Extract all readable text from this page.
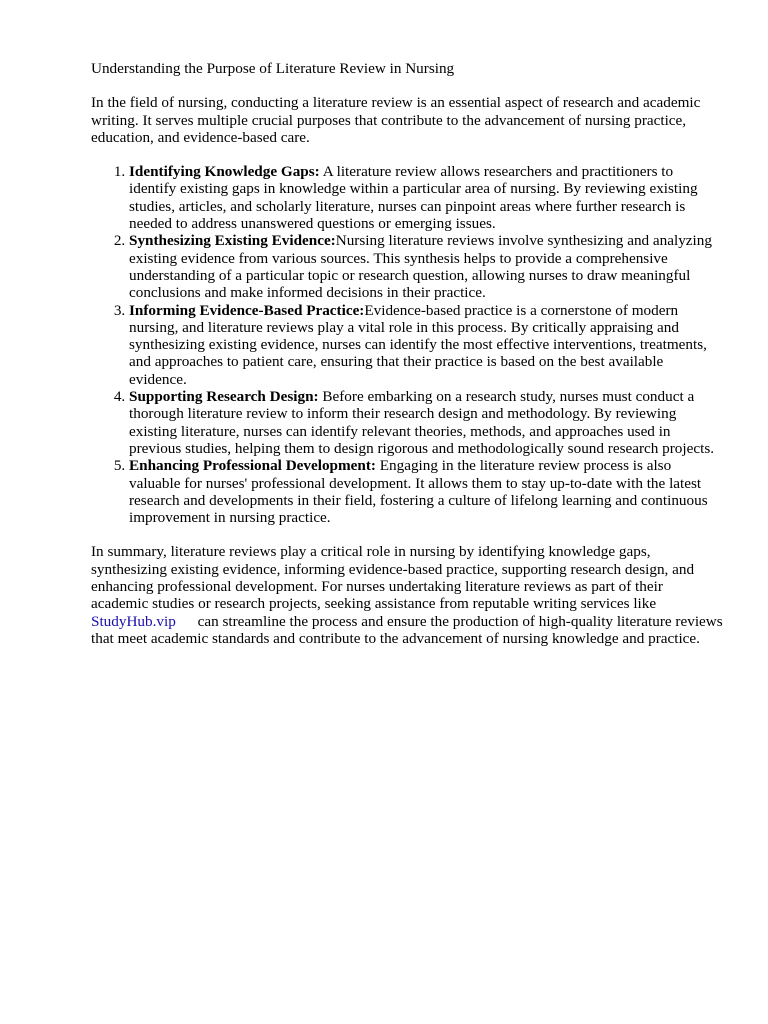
Understanding the Purpose of Literature Review in Nursing

In the field of nursing, conducting a literature review is an essential aspect of research and academic writing. It serves multiple crucial purposes that contribute to the advancement of nursing practice, education, and evidence-based care.

1. Identifying Knowledge Gaps: A literature review allows researchers and practitioners to identify existing gaps in knowledge within a particular area of nursing. By reviewing existing studies, articles, and scholarly literature, nurses can pinpoint areas where further research is needed to address unanswered questions or emerging issues.
2. Synthesizing Existing Evidence:Nursing literature reviews involve synthesizing and analyzing existing evidence from various sources. This synthesis helps to provide a comprehensive understanding of a particular topic or research question, allowing nurses to draw meaningful conclusions and make informed decisions in their practice.
3. Informing Evidence-Based Practice:Evidence-based practice is a cornerstone of modern nursing, and literature reviews play a vital role in this process. By critically appraising and synthesizing existing evidence, nurses can identify the most effective interventions, treatments, and approaches to patient care, ensuring that their practice is based on the best available evidence.
4. Supporting Research Design: Before embarking on a research study, nurses must conduct a thorough literature review to inform their research design and methodology. By reviewing existing literature, nurses can identify relevant theories, methods, and approaches used in previous studies, helping them to design rigorous and methodologically sound research projects.
5. Enhancing Professional Development: Engaging in the literature review process is also valuable for nurses' professional development. It allows them to stay up-to-date with the latest research and developments in their field, fostering a culture of lifelong learning and continuous improvement in nursing practice.

In summary, literature reviews play a critical role in nursing by identifying knowledge gaps, synthesizing existing evidence, informing evidence-based practice, supporting research design, and enhancing professional development. For nurses undertaking literature reviews as part of their academic studies or research projects, seeking assistance from reputable writing services like StudyHub.vip can streamline the process and ensure the production of high-quality literature reviews that meet academic standards and contribute to the advancement of nursing knowledge and practice.
